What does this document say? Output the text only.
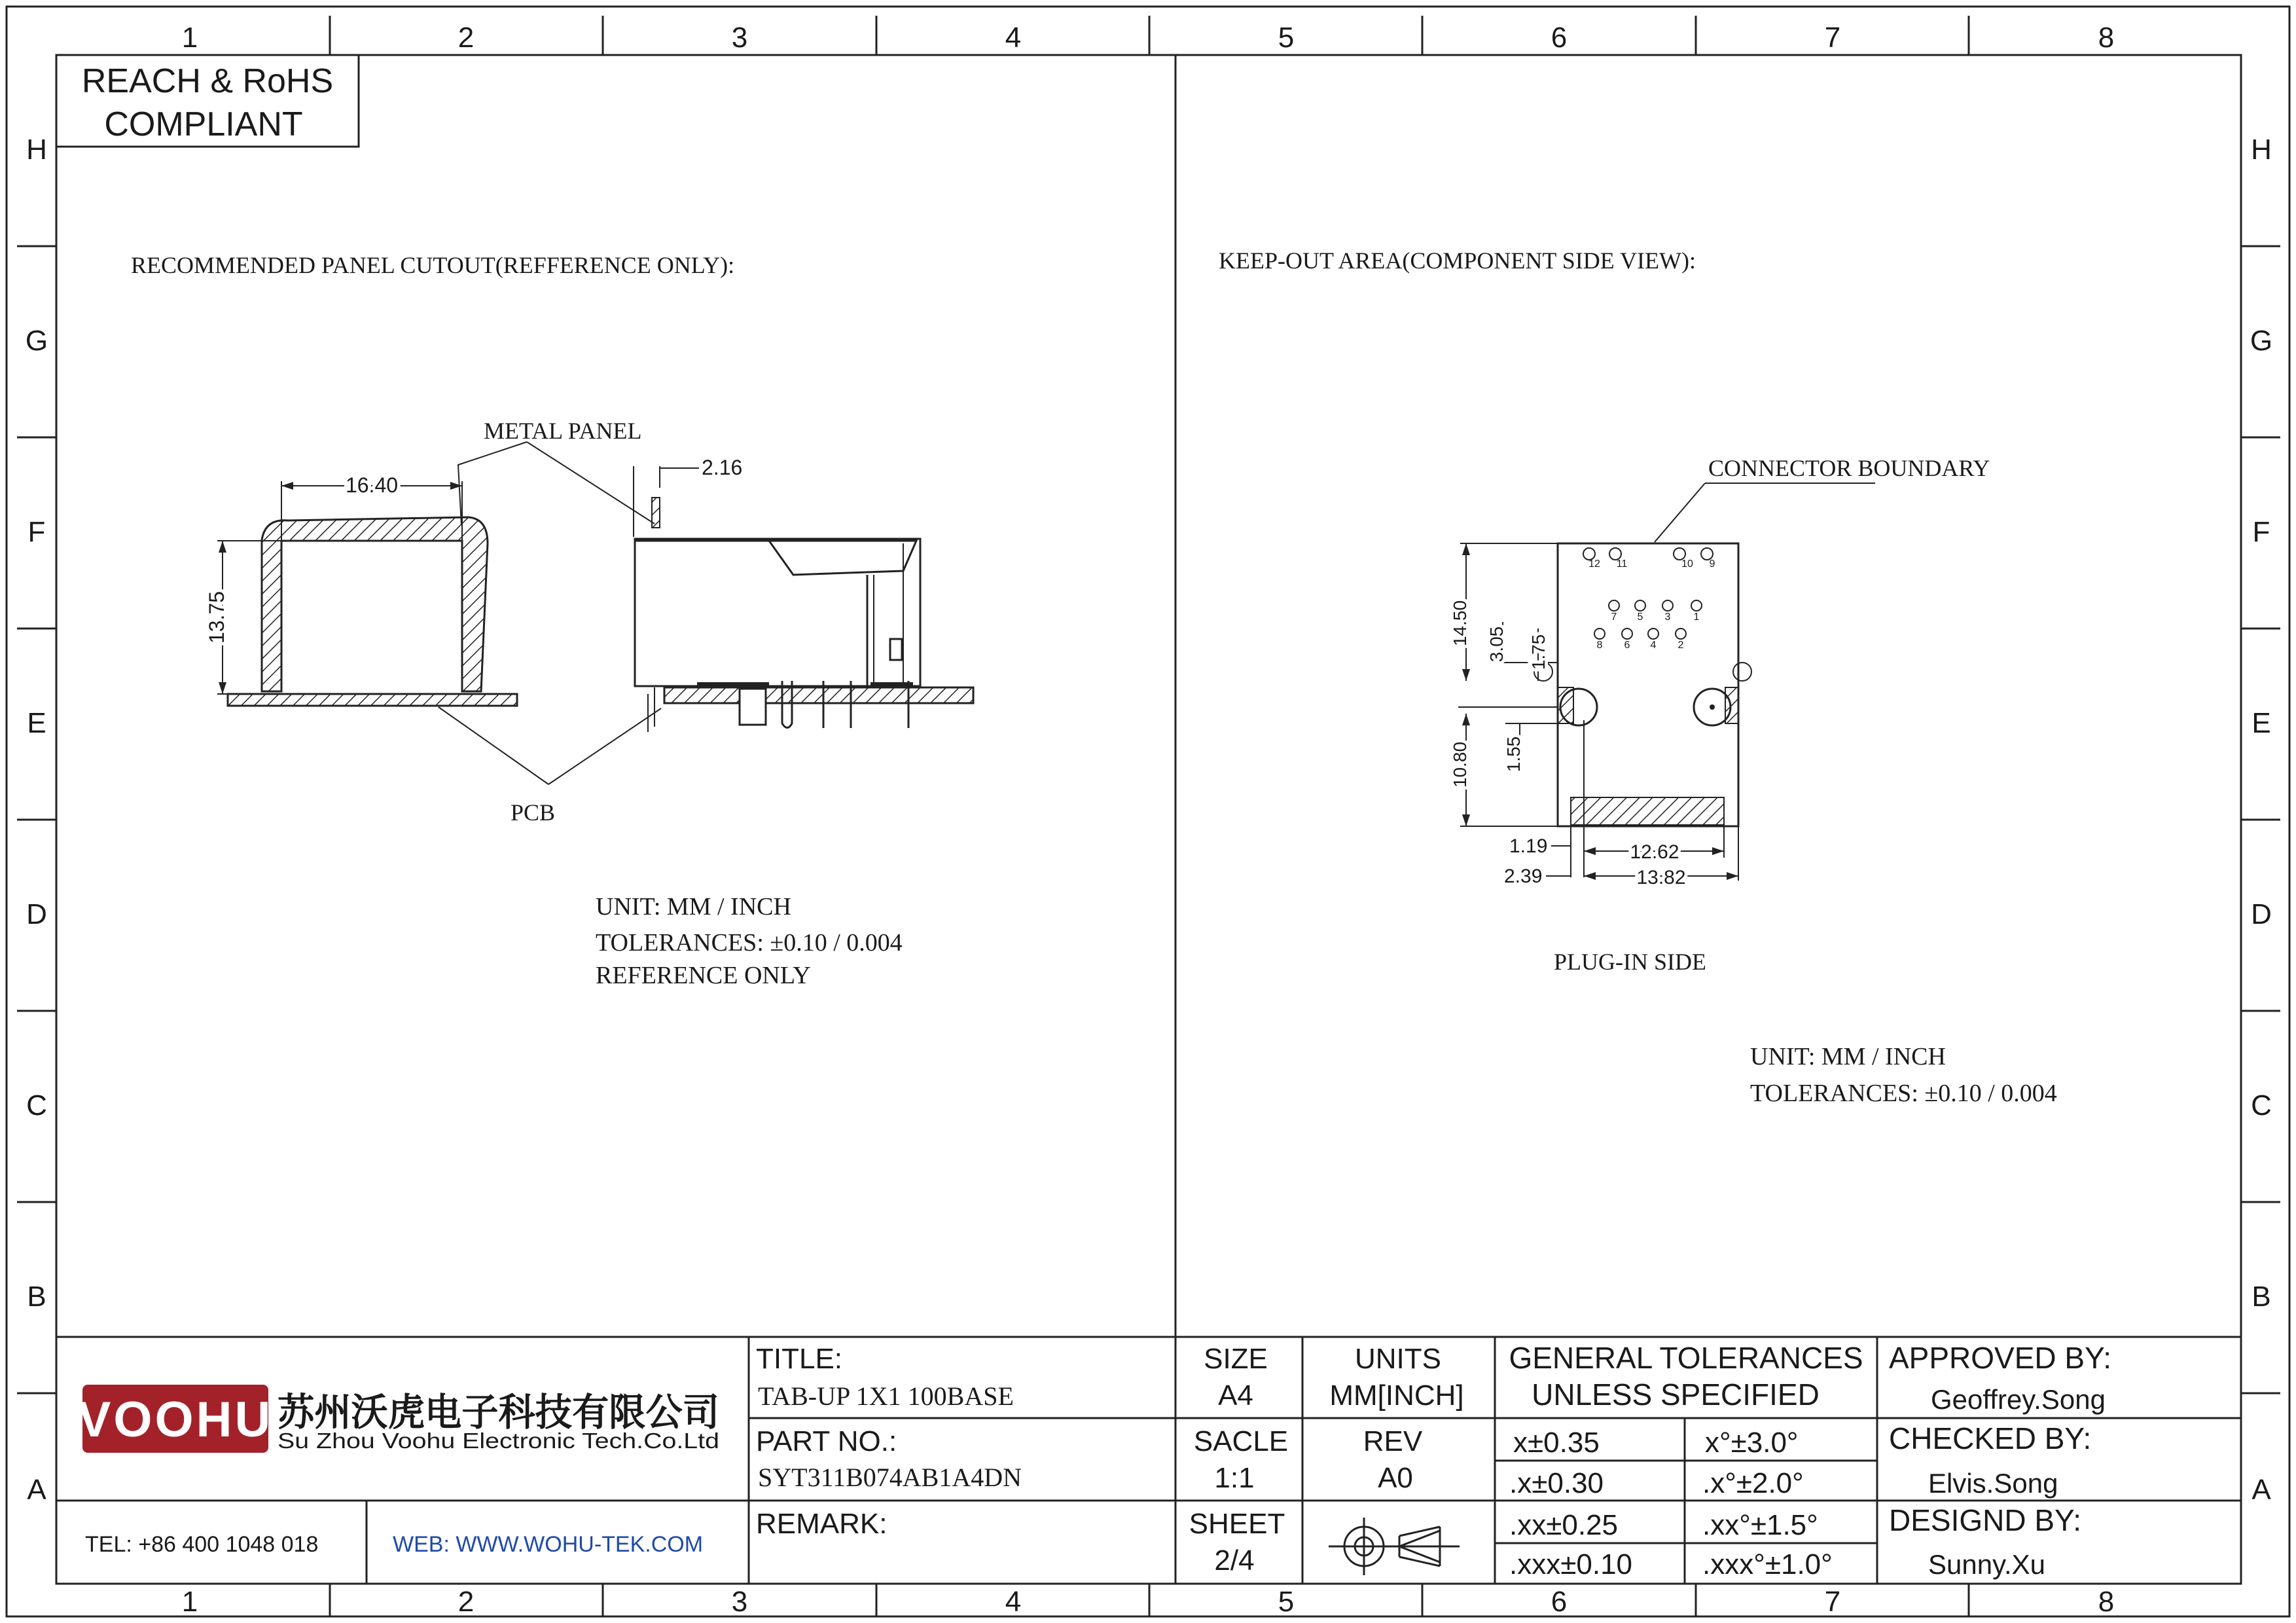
1	2	3	4	5	6	7	8
1	2	3	4	5	6	7	8
H
G
F
E
D
C
B
A
H
G
F
E
D
C
B
A
REACH & RoHS
COMPLIANT
RECOMMENDED PANEL CUTOUT(REFFERENCE ONLY):
METAL PANEL
16.40
13.75
2.16
PCB
UNIT: MM / INCH
TOLERANCES: ±0.10 / 0.004
REFERENCE ONLY
KEEP-OUT AREA(COMPONENT SIDE VIEW):
CONNECTOR BOUNDARY
12 11	10 9
7 5 3 1
8 6 4 2
14.50
10.80
3.05 1.75
1.55
12.62
13.82
1.19
2.39
PLUG-IN SIDE
UNIT: MM / INCH
TOLERANCES: ±0.10 / 0.004
VOOHU 苏州沃虎电子科技有限公司
Su Zhou Voohu Electronic Tech.Co.Ltd
TEL: +86 400 1048 018	WEB: WWW.WOHU-TEK.COM
TITLE:
TAB-UP 1X1 100BASE
PART NO.:
SYT311B074AB1A4DN
REMARK:
SIZE
A4
UNITS
MM[INCH]
SACLE
1:1
REV
A0
SHEET
2/4
GENERAL TOLERANCES
UNLESS SPECIFIED
x±0.35	x°±3.0°
.x±0.30	.x°±2.0°
.xx±0.25	.xx°±1.5°
.xxx±0.10 .xxx°±1.0°
APPROVED BY:
Geoffrey.Song
CHECKED BY:
Elvis.Song
DESIGND BY:
Sunny.Xu
